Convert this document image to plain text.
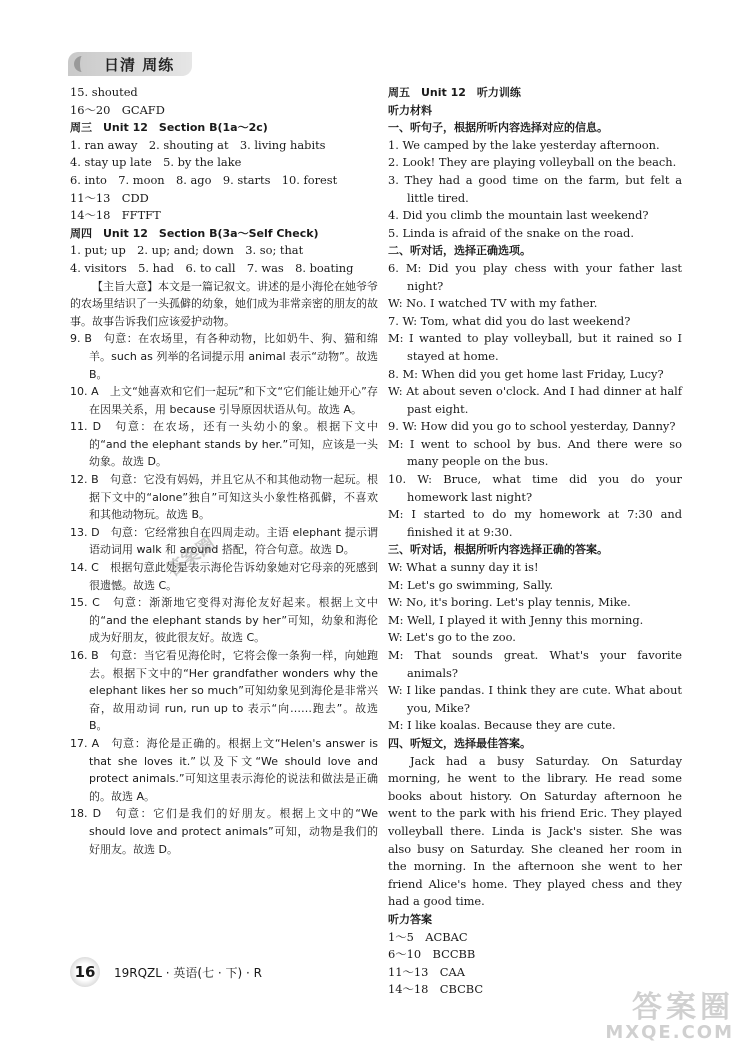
日清 周练
15. shouted
16～20　GCAFD
周三　Unit 12　Section B(1a～2c)
1. ran away　2. shouting at　3. living habits
4. stay up late　5. by the lake
6. into　7. moon　8. ago　9. starts　10. forest
11～13　CDD
14～18　FFTFT
周四　Unit 12　Section B(3a～Self Check)
1. put; up　2. up; and; down　3. so; that
4. visitors　5. had　6. to call　7. was　8. boating
【主旨大意】本文是一篇记叙文。讲述的是小海伦在她爷爷的农场里结识了一头孤僻的幼象，她们成为非常亲密的朋友的故事。故事告诉我们应该爱护动物。
9. B　句意：在农场里，有各种动物，比如奶牛、狗、猫和绵羊。such as 列举的名词提示用 animal 表示“动物”。故选 B。
10. A　上文“她喜欢和它们一起玩”和下文“它们能让她开心”存在因果关系，用 because 引导原因状语从句。故选 A。
11. D　句意：在农场，还有一头幼小的象。根据下文中的“and the elephant stands by her.”可知，应该是一头幼象。故选 D。
12. B　句意：它没有妈妈，并且它从不和其他动物一起玩。根据下文中的“alone”独自”可知这头小象性格孤僻，不喜欢和其他动物玩。故选 B。
13. D　句意：它经常独自在四周走动。主语 elephant 提示谓语动词用 walk 和 around 搭配，符合句意。故选 D。
14. C　根据句意此处是表示海伦告诉幼象她对它母亲的死感到很遗憾。故选 C。
15. C　句意：渐渐地它变得对海伦友好起来。根据上文中的“and the elephant stands by her”可知，幼象和海伦成为好朋友，彼此很友好。故选 C。
16. B　句意：当它看见海伦时，它将会像一条狗一样，向她跑去。根据下文中的“Her grandfather wonders why the elephant likes her so much”可知幼象见到海伦是非常兴奋，故用动词 run, run up to 表示“向……跑去”。故选 B。
17. A　句意：海伦是正确的。根据上文“Helen's answer is that she loves it.”以及下文“We should love and protect animals.”可知这里表示海伦的说法和做法是正确的。故选 A。
18. D　句意：它们是我们的好朋友。根据上文中的“We should love and protect animals”可知，动物是我们的好朋友。故选 D。
周五　Unit 12　听力训练
听力材料
一、听句子，根据所听内容选择对应的信息。
1. We camped by the lake yesterday afternoon.
2. Look! They are playing volleyball on the beach.
3. They had a good time on the farm, but felt a little tired.
4. Did you climb the mountain last weekend?
5. Linda is afraid of the snake on the road.
二、听对话，选择正确选项。
6. M: Did you play chess with your father last night?
W: No. I watched TV with my father.
7. W: Tom, what did you do last weekend?
M: I wanted to play volleyball, but it rained so I stayed at home.
8. M: When did you get home last Friday, Lucy?
W: At about seven o'clock. And I had dinner at half past eight.
9. W: How did you go to school yesterday, Danny?
M: I went to school by bus. And there were so many people on the bus.
10. W: Bruce, what time did you do your homework last night?
M: I started to do my homework at 7:30 and finished it at 9:30.
三、听对话，根据所听内容选择正确的答案。
W: What a sunny day it is!
M: Let's go swimming, Sally.
W: No, it's boring. Let's play tennis, Mike.
M: Well, I played it with Jenny this morning.
W: Let's go to the zoo.
M: That sounds great. What's your favorite animals?
W: I like pandas. I think they are cute. What about you, Mike?
M: I like koalas. Because they are cute.
四、听短文，选择最佳答案。
Jack had a busy Saturday. On Saturday morning, he went to the library. He read some books about history. On Saturday afternoon he went to the park with his friend Eric. They played volleyball there. Linda is Jack's sister. She was also busy on Saturday. She cleaned her room in the morning. In the afternoon she went to her friend Alice's home. They played chess and they had a good time.
听力答案
1～5　ACBAC
6～10　BCCBB
11～13　CAA
14～18　CBCBC
答案圈
16	19RQZL · 英语(七 · 下) · R
答案圈
MXQE.COM
